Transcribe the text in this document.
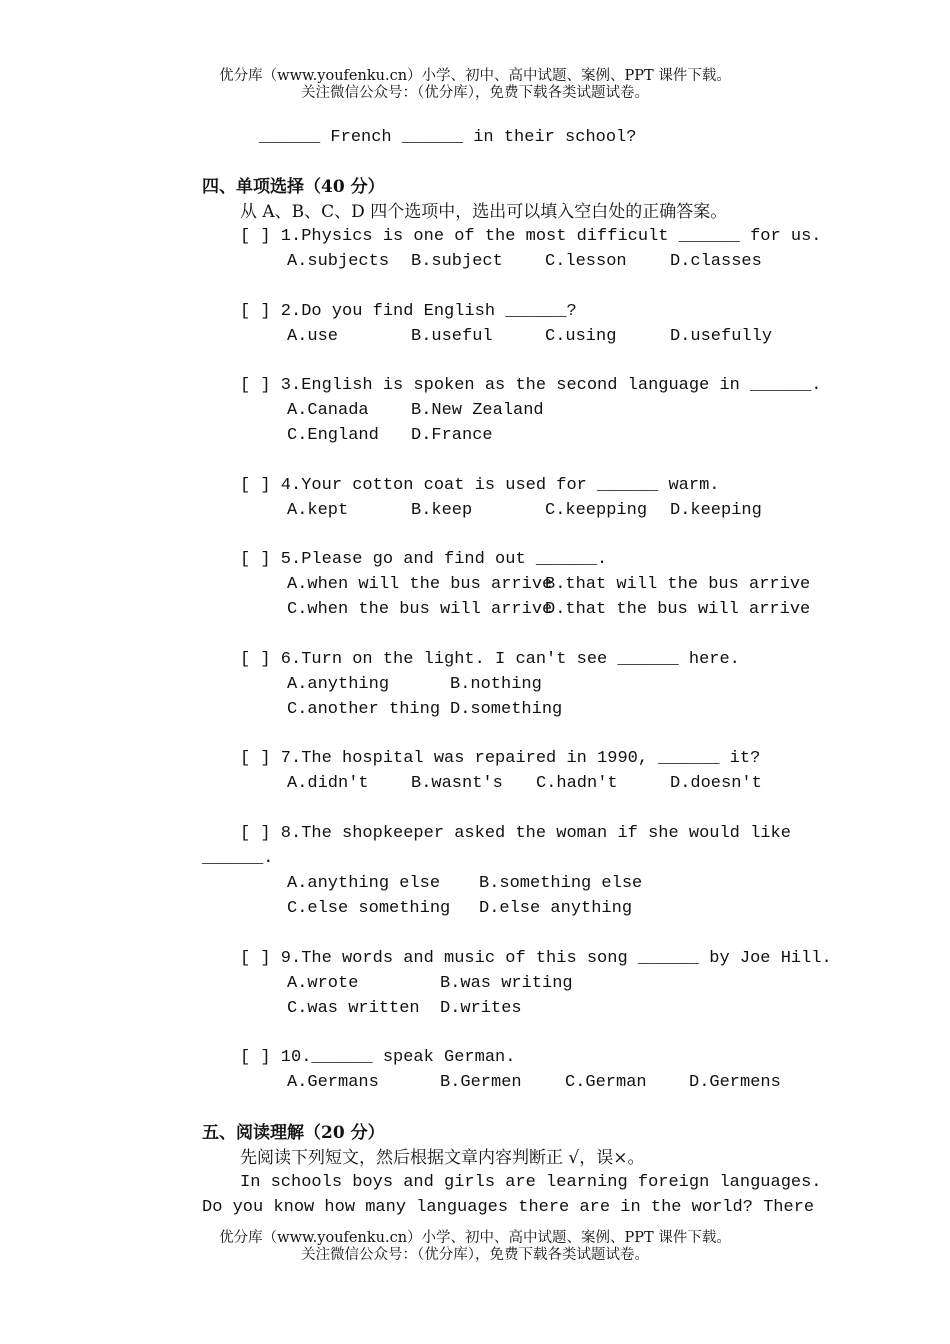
优分库（www.youfenku.cn）小学、初中、高中试题、案例、PPT 课件下载。
关注微信公众号：（优分库），免费下载各类试题试卷。
______ French ______ in their school?
四、单项选择（40 分）
从 A、B、C、D 四个选项中，选出可以填入空白处的正确答案。
[ ] 1.Physics is one of the most difficult ______ for us.
A.subjects B.subject C.lesson	D.classes
[ ] 2.Do you find English ______?
A.use	B.useful	C.using	D.usefully
[ ] 3.English is spoken as the second language in ______.
A.Canada B.New Zealand
C.England D.France
[ ] 4.Your cotton coat is used for ______ warm.
A.kept	B.keep	C.keepping D.keeping
[ ] 5.Please go and find out ______.
A.when will the bus arrive
B.that will the bus arrive
C.when the bus will arrive
D.that the bus will arrive
[ ] 6.Turn on the light. I can't see ______ here.
A.anything	B.nothing
C.another thing D.something
[ ] 7.The hospital was repaired in 1990, ______ it?
A.didn't B.wasnt's C.hadn't	D.doesn't
[ ] 8.The shopkeeper asked the woman if she would like
______.
A.anything else B.something else
C.else something D.else anything
[ ] 9.The words and music of this song ______ by Joe Hill.
A.wrote	B.was writing
C.was written D.writes
[ ] 10.______ speak German.
A.Germans	B.Germen	C.German D.Germens
五、阅读理解（20 分）
先阅读下列短文，然后根据文章内容判断正 √，误×。
In schools boys and girls are learning foreign languages.
Do you know how many languages there are in the world? There
优分库（www.youfenku.cn）小学、初中、高中试题、案例、PPT 课件下载。
关注微信公众号：（优分库），免费下载各类试题试卷。
